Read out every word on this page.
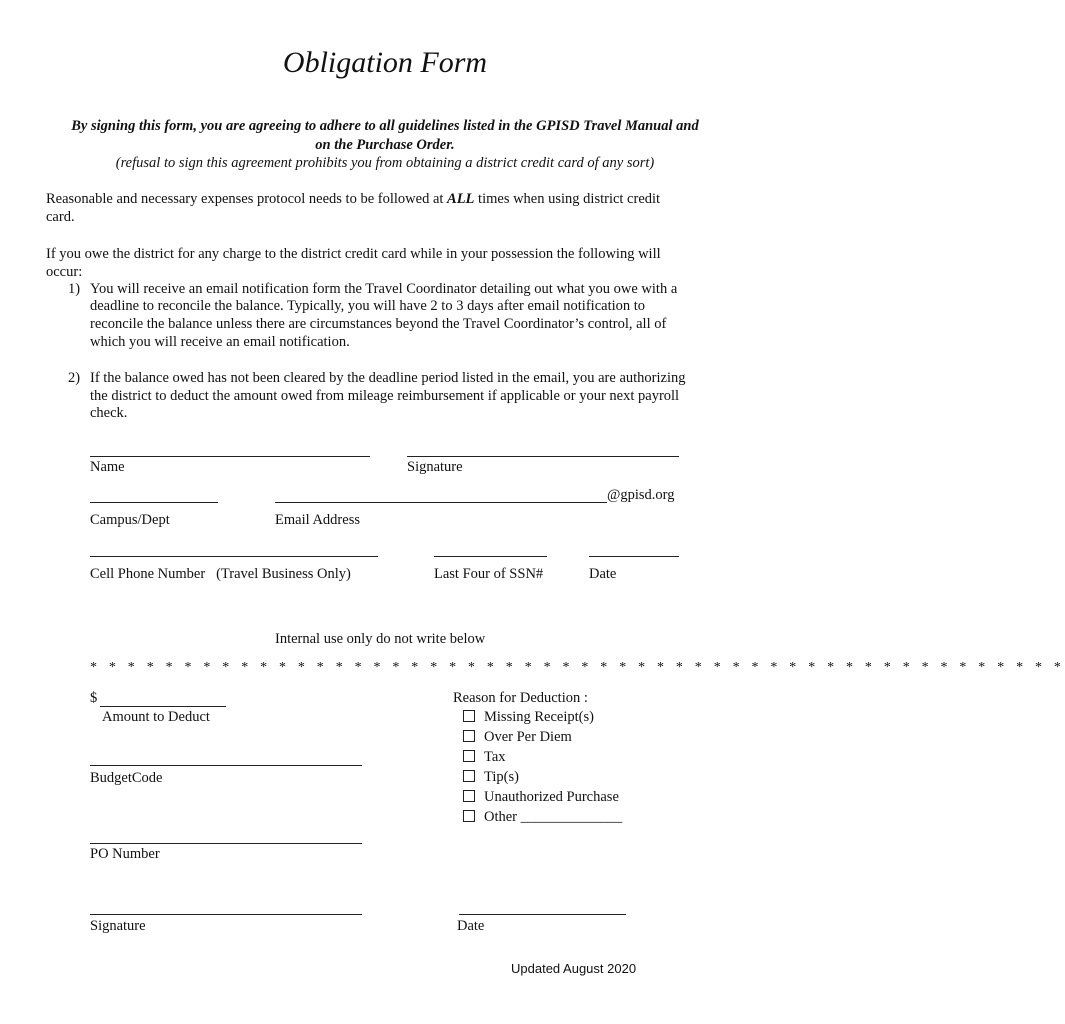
Obligation Form
By signing this form, you are agreeing to adhere to all guidelines listed in the GPISD Travel Manual and
on the Purchase Order.
(refusal to sign this agreement prohibits you from obtaining a district credit card of any sort)
Reasonable and necessary expenses protocol needs to be followed at ALL times when using district credit
card.
If you owe the district for any charge to the district credit card while in your possession the following will
occur:
1) You will receive an email notification form the Travel Coordinator detailing out what you owe with a
deadline to reconcile the balance. Typically, you will have 2 to 3 days after email notification to
reconcile the balance unless there are circumstances beyond the Travel Coordinator’s control, all of
which you will receive an email notification.
2) If the balance owed has not been cleared by the deadline period listed in the email, you are authorizing
the district to deduct the amount owed from mileage reimbursement if applicable or your next payroll
check.
Name	Signature
@gpisd.org
Campus/Dept	Email Address
Cell Phone Number (Travel Business Only)	Last Four of SSN#	Date
Internal use only do not write below
* * * * * * * * * * * * * * * * * * * * * * * * * * * * * * * * * * * * * * * * * * * * * * * * * * * *
$
Amount to Deduct
BudgetCode
PO Number
Signature	Date
Reason for Deduction :
Missing Receipt(s)
Over Per Diem
Tax
Tip(s)
Unauthorized Purchase
Other ______________
Updated August 2020
